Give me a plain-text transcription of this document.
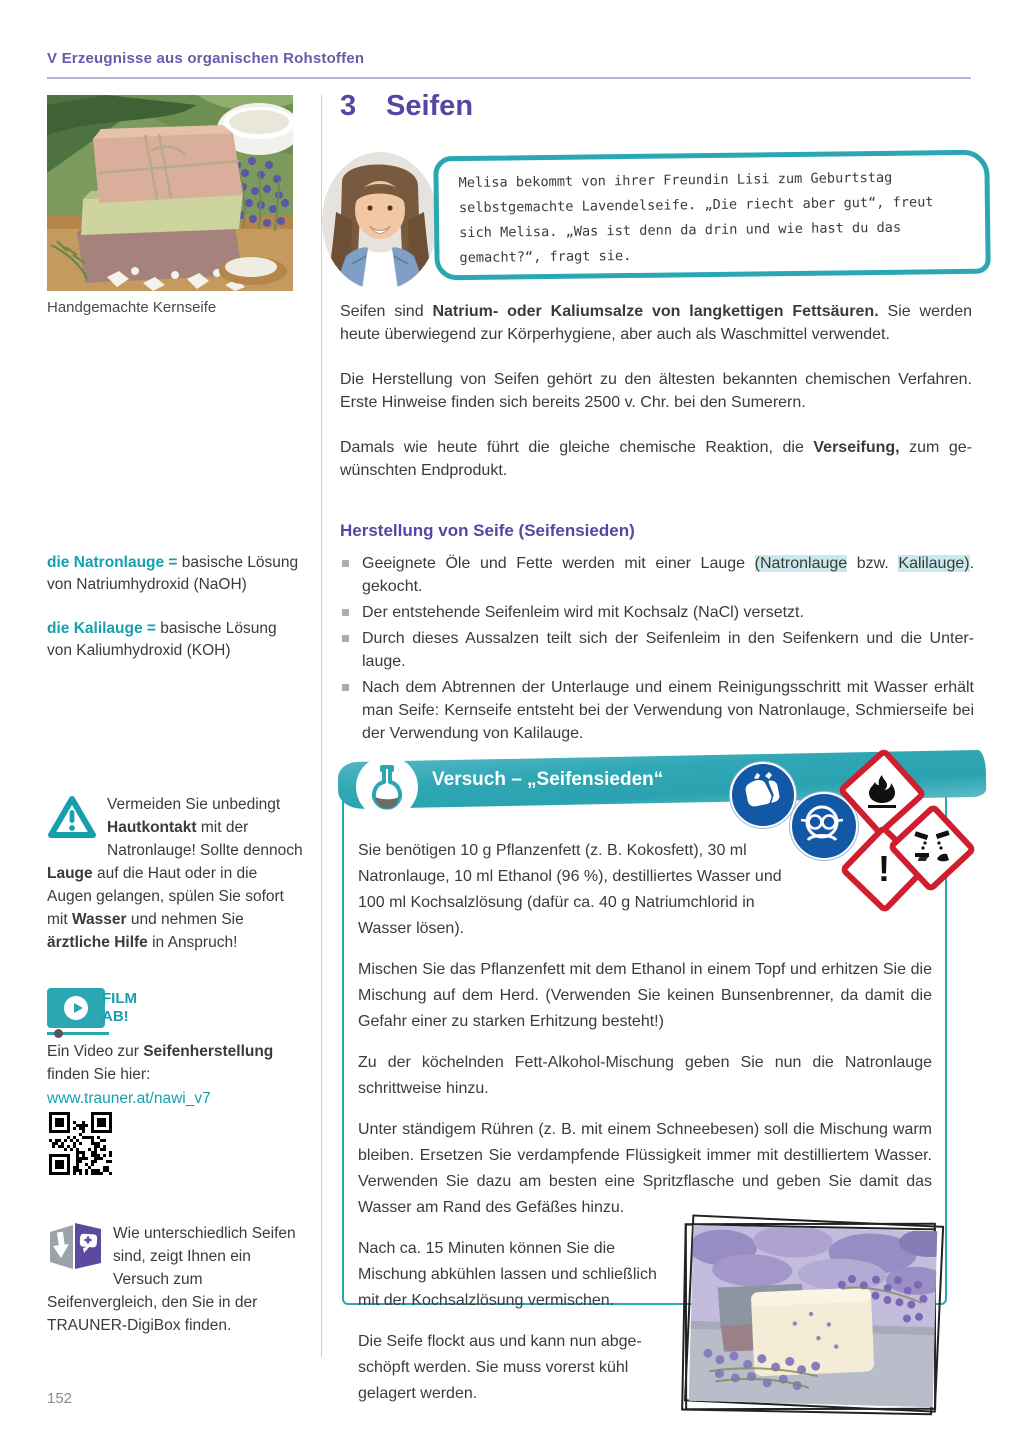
V Erzeugnisse aus organischen Rohstoffen
Handgemachte Kernseife

die Natronlauge = basische Lösung von Natriumhydroxid (NaOH)

die Kalilauge = basische Lösung von Kaliumhydroxid (KOH)

Vermeiden Sie unbedingt Hautkontakt mit der Natronlauge! Sollte dennoch Lauge auf die Haut oder in die Augen gelangen, spülen Sie sofort mit Wasser und nehmen Sie ärztliche Hilfe in Anspruch!
FILM
AB!
Ein Video zur Seifenherstellung finden Sie hier:
www.trauner.at/nawi_v7
Wie unterschiedlich Seifen sind, zeigt Ihnen ein Versuch zum Seifenvergleich, den Sie in der TRAUNER-DigiBox finden.
152
3 Seifen
Melisa bekommt von ihrer Freundin Lisi zum Geburtstag selbstgemachte Lavendelseife. „Die riecht aber gut“, freut sich Melisa. „Was ist denn da drin und wie hast du das gemacht?“, fragt sie.

Seifen sind Natrium- oder Kaliumsalze von langkettigen Fettsäuren. Sie werden heute überwiegend zur Körperhygiene, aber auch als Waschmittel verwendet.

Die Herstellung von Seifen gehört zu den ältesten bekannten chemischen Verfahren. Erste Hinweise finden sich bereits 2500 v. Chr. bei den Sumerern.

Damals wie heute führt die gleiche chemische Reaktion, die Verseifung, zum gewünschten Endprodukt.

Herstellung von Seife (Seifensieden)
Geeignete Öle und Fette werden mit einer Lauge (Natronlauge bzw. Kalilauge). gekocht.
Der entstehende Seifenleim wird mit Kochsalz (NaCl) versetzt.
Durch dieses Aussalzen teilt sich der Seifenleim in den Seifenkern und die Unterlauge.
Nach dem Abtrennen der Unterlauge und einem Reinigungsschritt mit Wasser erhält man Seife: Kernseife entsteht bei der Verwendung von Natronlauge, Schmierseife bei der Verwendung von Kalilauge.
Versuch – „Seifensieden“
!

Sie benötigen 10 g Pflanzenfett (z. B. Kokosfett), 30 ml Natronlauge, 10 ml Ethanol (96 %), destilliertes Wasser und 100 ml Kochsalzlösung (dafür ca. 40 g Natriumchlorid in Wasser lösen).

Mischen Sie das Pflanzenfett mit dem Ethanol in einem Topf und erhitzen Sie die Mischung auf dem Herd. (Verwenden Sie keinen Bunsenbrenner, da damit die Gefahr einer zu starken Erhitzung besteht!)

Zu der köchelnden Fett-Alkohol-Mischung geben Sie nun die Natronlauge schrittweise hinzu.

Unter ständigem Rühren (z. B. mit einem Schneebesen) soll die Mischung warm bleiben. Ersetzen Sie verdampfende Flüssigkeit immer mit destilliertem Wasser. Verwenden Sie dazu am besten eine Spritzflasche und geben Sie damit das Wasser am Rand des Gefäßes hinzu.

Nach ca. 15 Minuten können Sie die Mischung abkühlen lassen und schließlich mit der Kochsalzlösung vermischen.

Die Seife flockt aus und kann nun abgeschöpft werden. Sie muss vorerst kühl gelagert werden.
